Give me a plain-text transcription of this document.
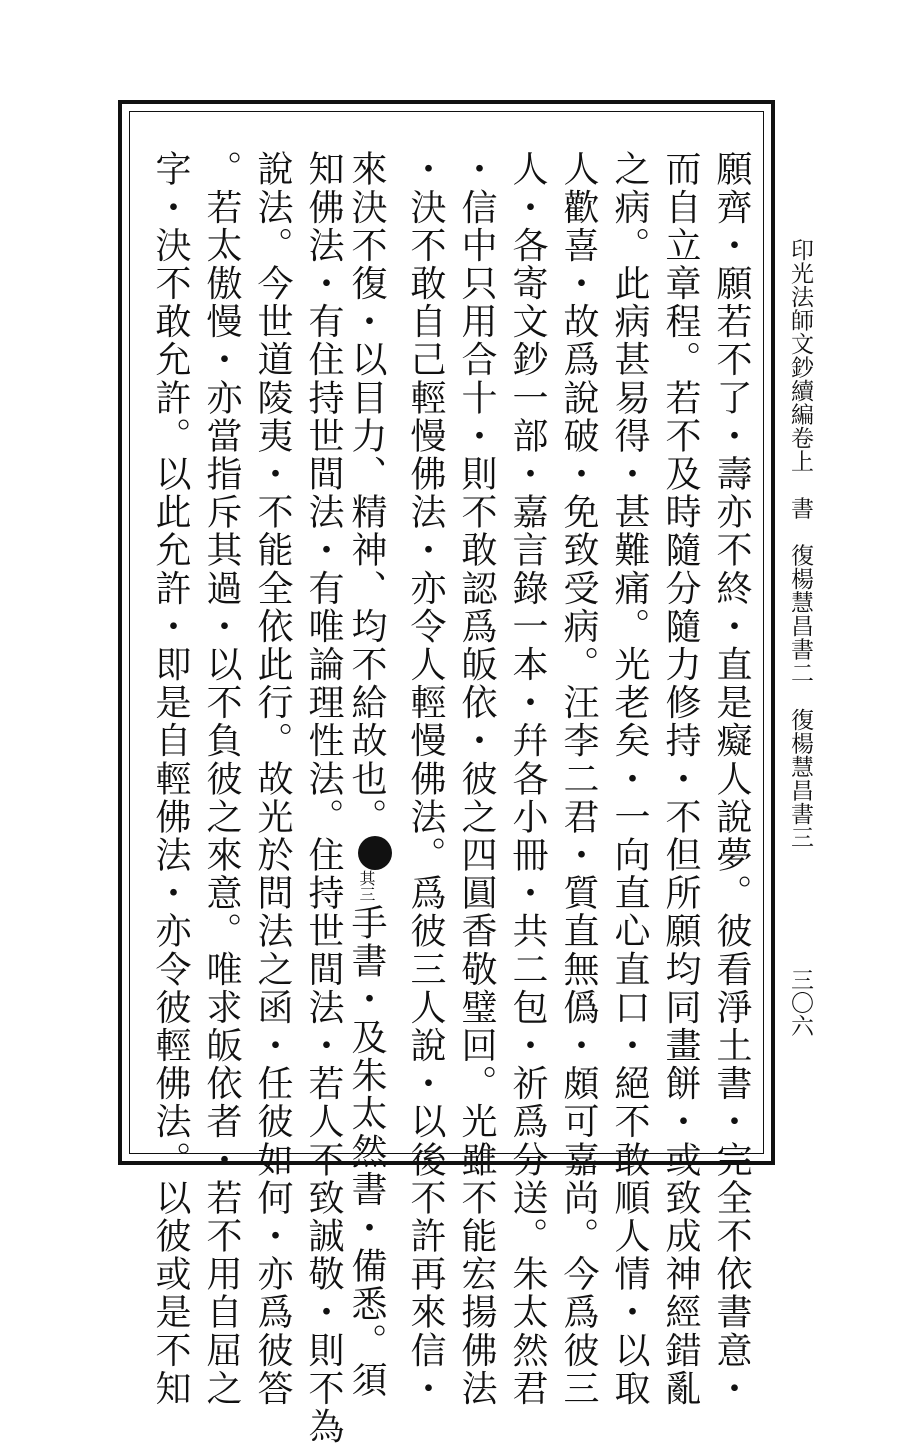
印光法師文鈔續編卷上　書　復楊慧昌書二　復楊慧昌書三
三〇六
願齊・願若不了・壽亦不終・直是癡人說夢。彼看淨土書・完全不依書意・
而自立章程。若不及時隨分隨力修持・不但所願均同畫餅・或致成神經錯亂
之病。此病甚易得・甚難痛。光老矣・一向直心直口・絕不敢順人情・以取
人歡喜・故爲說破・免致受病。汪李二君・質直無僞・頗可嘉尚。今爲彼三
人・各寄文鈔一部・嘉言錄一本・幷各小冊・共二包・祈爲分送。朱太然君
・信中只用合十・則不敢認爲皈依・彼之四圓香敬璧回。光雖不能宏揚佛法
・決不敢自己輕慢佛法・亦令人輕慢佛法。爲彼三人說・以後不許再來信・
來決不復・以目力、精神、均不給故也。其三手書・及朱太然書・備悉。須
知佛法・有住持世間法・有唯論理性法。住持世間法・若人不致誠敬・則不為
說法。今世道陵夷・不能全依此行。故光於問法之函・任彼如何・亦爲彼答
。若太傲慢・亦當指斥其過・以不負彼之來意。唯求皈依者・若不用自屈之
字・決不敢允許。以此允許・即是自輕佛法・亦令彼輕佛法。以彼或是不知
